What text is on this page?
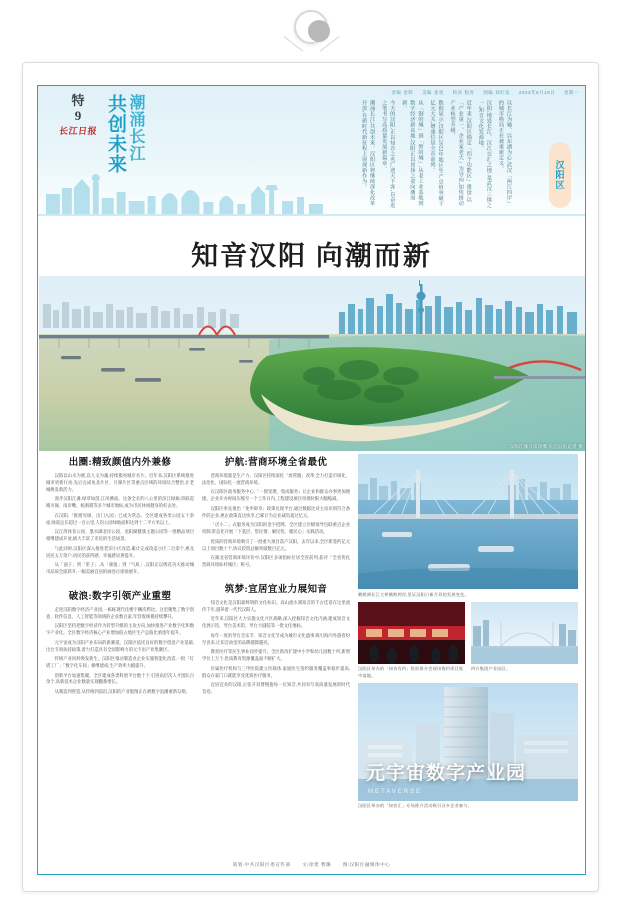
特
9
长江日报	潮涌长江
共创未来
责编 金辉 美编 张勇 校对 程青 图编 刘红发 2023年6月19日 星期一

以长江为轴、以东湖为心,武汉「两江四岸」的城市格局正在被重新定义。

汉阳,地处长江、汉江交汇之地,是武汉三镇之一,知音文化发源地。

近年来,汉阳区锚定「四个功能区」建设,以「产业第一、企业家老大」为导向,加快推动产业转型升级。

数据显示,汉阳区2022年地区生产总值突破千亿元大关,增速位居全市前列。

从「钢的城」到「智的城」,从老工业基地到数字经济新高地,汉阳正以昂扬之姿向潮而新。

今天的汉阳,正以知音之名广迎天下客,以奋进之笔书写高质量发展新篇章。

潮涌长江,共创未来。汉阳区将继续深化改革开放,在新时代新征程上展现新作为。	汉阳区
知音汉阳 向潮而新
汉阳江滩与南岸嘴 长江日报记者 摄
出圈:精致颜值内外兼修

汉阳以山水为底,以人文为魂,持续擦亮城市名片。近年来,汉阳区系统推进城市更新行动,先后完成龟北片区、月湖片区等重点区域的环境综合整治,让老城焕发新活力。

漫步汉阳江滩,绿草如茵,江风拂面。这条全长约八公里的滨江绿廊,串联起晴川阁、南岸嘴、杨泗港等多个城市地标,成为市民休闲健身的好去处。

在汉阳,「推窗见绿、出门入园」已成为常态。全区建成各类公园五十余座,绿道总长超过一百公里,人均公园绿地面积达到十二平方米以上。

汉江湾体育公园、墨水湖北岸公园、龙阳湖健康主题公园等一批精品项目相继建成开放,极大丰富了市民的生活场景。

与此同时,汉阳区深入推进老旧小区改造,累计完成改造小区二百余个,惠及居民五万余户,居民的获得感、幸福感显著提升。

从「面子」到「里子」,从「颜值」到「气质」,汉阳正以绣花功夫推动城市品质全面跃升,一幅美丽宜居的画卷正徐徐展开。

破浪:数字引领产业重塑

走进汉阳数字经济产业园,一栋栋现代化楼宇鳞次栉比。这里聚集了数字创意、软件信息、人工智能等领域的企业数百家,年营收规模持续攀升。

汉阳区坚持把数字经济作为转型升级的主攻方向,加快推进产业数字化和数字产业化。全区数字经济核心产业增加值占地区生产总值比重逐年提升。

元宇宙成为汉阳产业布局的新赛道。汉阳区依托良好的数字创意产业基础,出台专项扶持政策,着力打造具有全国影响力的元宇宙产业集聚区。

传统产业同样焕发新生。汉阳区推动制造业企业实施智能化改造,一批「灯塔工厂」「数字化车间」相继建成,生产效率大幅提升。

创新平台加速集聚。全区建成各类科创平台数十个,引进高层次人才团队百余个,高新技术企业数量实现翻番增长。

从制造到智造,从传统到前沿,汉阳的产业版图正在被数字浪潮重新勾勒。

护航:营商环境全省最优

营商环境就是生产力。汉阳区持续深化「放管服」改革,全力打造市场化、法治化、国际化一流营商环境。

在汉阳区政务服务中心,「一窗受理、集成服务」让企业和群众办事更加便捷。企业开办时间压缩至一个工作日内,工程建设项目审批时限大幅缩减。

汉阳区率先推出「免申即享」政策兑现平台,通过数据比对主动识别符合条件的企业,惠企政策直达快享,已累计为企业减负超过亿元。

「店小二」式服务成为汉阳的金字招牌。全区建立区级领导包联重点企业机制,常态化开展「下基层、察民情、解民忧、暖民心」实践活动。

优质的营商环境吸引了一批重大项目落户汉阳。去年以来,全区新签约亿元以上项目数十个,协议投资总额突破数百亿元。

在湖北省营商环境评价中,汉阳区多项指标位居全省前列,获评「全省优化营商环境标杆城区」称号。

筑梦:宜居宜业力展知音

知音文化是汉阳最鲜明的文化标识。高山流水遇知音的千古佳话在这里流传千年,滋养着一代代汉阳人。

近年来,汉阳区大力实施文化兴区战略,深入挖掘知音文化内涵,建成知音文化展示馆、琴台美术馆、琴台大剧院等一批文化地标。

每年一度的琴台音乐节、知音文化节成为城市文化盛事,吸引海内外游客纷至沓来,让知音故里的品牌越擦越亮。

教育医疗等民生事业同步提升。全区新改扩建中小学和幼儿园数十所,新增学位上万个,优质教育资源覆盖面不断扩大。

区属医疗机构与三甲医院建立医联体,家庭医生签约服务覆盖率稳步提高,群众在家门口就能享受优质医疗服务。

宜居宜业的汉阳,正张开双臂拥抱每一位知音,共同书写高质量发展的时代答卷。

鹦鹉洲长江大桥横跨两岸,见证汉阳日新月异的发展变化。
汉阳区举办的「知音有约」投资推介会现场签约项目集中落地。
四方集团产业园区。
元宇宙数字产业园
METAVERSE
汉阳区举办的「知音汇」专场推介活动吸引众多企业参与。
策划:中共汉阳区委宣传部	文/徐建 曹璐	图/汉阳区融媒体中心
